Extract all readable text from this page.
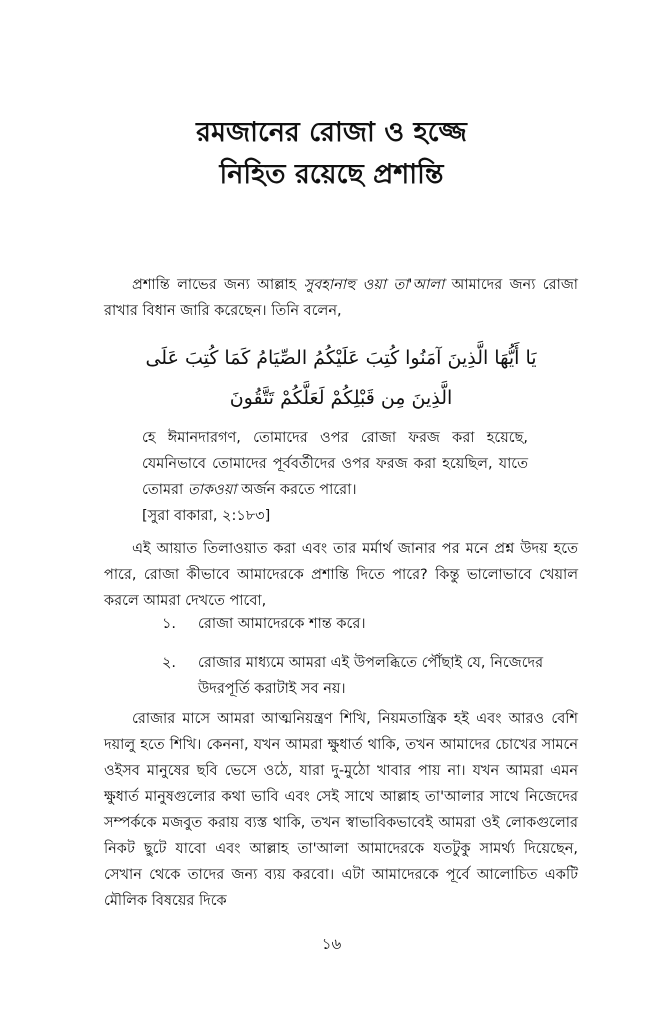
রমজানের রোজা ও হজ্জে
নিহিত রয়েছে প্রশান্তি

প্রশান্তি লাভের জন্য আল্লাহ সুবহানাহু ওয়া তা'আলা আমাদের জন্য রোজা রাখার বিধান জারি করেছেন। তিনি বলেন,

يَا أَيُّهَا الَّذِينَ آمَنُوا كُتِبَ عَلَيْكُمُ الصِّيَامُ كَمَا كُتِبَ عَلَى
الَّذِينَ مِن قَبْلِكُمْ لَعَلَّكُمْ تَتَّقُونَ

হে ঈমানদারগণ, তোমাদের ওপর রোজা ফরজ করা হয়েছে, যেমনিভাবে তোমাদের পূর্ববর্তীদের ওপর ফরজ করা হয়েছিল, যাতে তোমরা তাকওয়া অর্জন করতে পারো।

[সুরা বাকারা, ২:১৮৩]

এই আয়াত তিলাওয়াত করা এবং তার মর্মার্থ জানার পর মনে প্রশ্ন উদয় হতে পারে, রোজা কীভাবে আমাদেরকে প্রশান্তি দিতে পারে? কিন্তু ভালোভাবে খেয়াল করলে আমরা দেখতে পাবো,

১.	রোজা আমাদেরকে শান্ত করে।
২.	রোজার মাধ্যমে আমরা এই উপলব্ধিতে পৌঁছাই যে, নিজেদের উদরপূর্তি করাটাই সব নয়।

রোজার মাসে আমরা আত্মনিয়ন্ত্রণ শিখি, নিয়মতান্ত্রিক হই এবং আরও বেশি দয়ালু হতে শিখি। কেননা, যখন আমরা ক্ষুধার্ত থাকি, তখন আমাদের চোখের সামনে ওইসব মানুষের ছবি ভেসে ওঠে, যারা দু-মুঠো খাবার পায় না। যখন আমরা এমন ক্ষুধার্ত মানুষগুলোর কথা ভাবি এবং সেই সাথে আল্লাহ তা'আলার সাথে নিজেদের সম্পর্ককে মজবুত করায় ব্যস্ত থাকি, তখন স্বাভাবিকভাবেই আমরা ওই লোকগুলোর নিকট ছুটে যাবো এবং আল্লাহ তা'আলা আমাদেরকে যতটুকু সামর্থ্য দিয়েছেন, সেখান থেকে তাদের জন্য ব্যয় করবো। এটা আমাদেরকে পূর্বে আলোচিত একটি মৌলিক বিষয়ের দিকে

১৬
